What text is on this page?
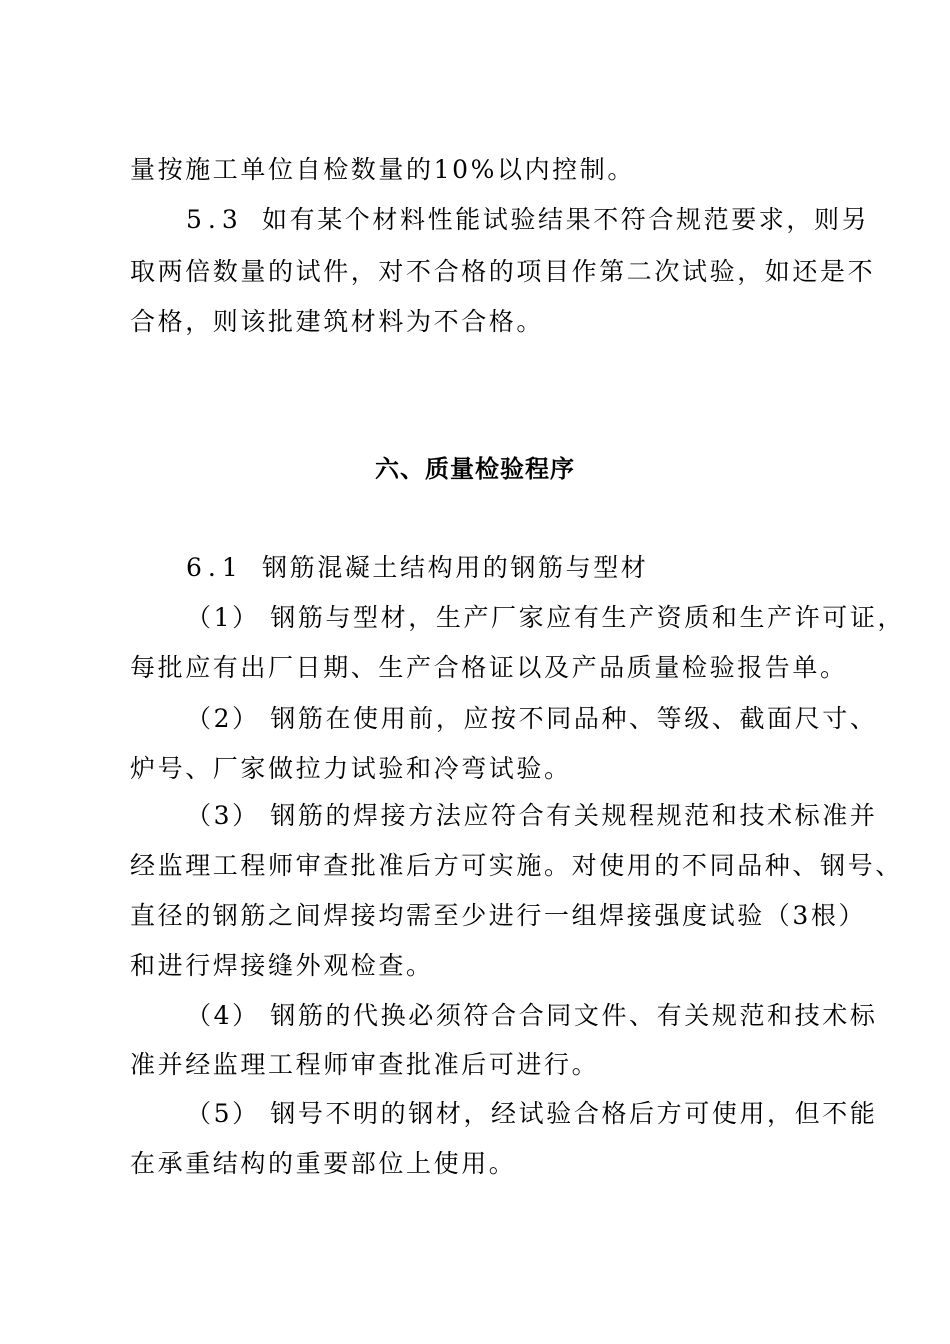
量按施工单位自检数量的10%以内控制。
5.3 如有某个材料性能试验结果不符合规范要求，则另
取两倍数量的试件，对不合格的项目作第二次试验，如还是不
合格，则该批建筑材料为不合格。
六、质量检验程序
6.1 钢筋混凝土结构用的钢筋与型材
（1） 钢筋与型材，生产厂家应有生产资质和生产许可证，
每批应有出厂日期、生产合格证以及产品质量检验报告单。
（2） 钢筋在使用前，应按不同品种、等级、截面尺寸、
炉号、厂家做拉力试验和冷弯试验。
（3） 钢筋的焊接方法应符合有关规程规范和技术标准并
经监理工程师审查批准后方可实施。对使用的不同品种、钢号、
直径的钢筋之间焊接均需至少进行一组焊接强度试验（3根）
和进行焊接缝外观检查。
（4） 钢筋的代换必须符合合同文件、有关规范和技术标
准并经监理工程师审查批准后可进行。
（5） 钢号不明的钢材，经试验合格后方可使用，但不能
在承重结构的重要部位上使用。
